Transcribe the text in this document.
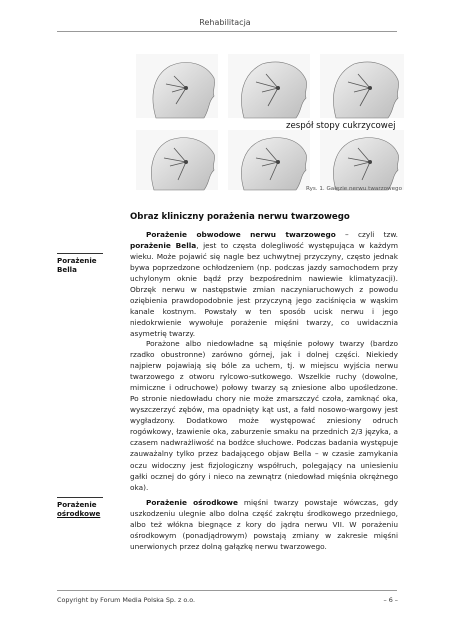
Rehabilitacja
zespół stopy cukrzycowej
Rys. 1. Gałęzie nerwu twarzowego
Obraz kliniczny porażenia nerwu twarzowego
Porażenie
Bella
Porażenie
ośrodkowe

Porażenie obwodowe nerwu twarzowego – czyli tzw. porażenie Bella, jest to częsta dolegliwość występująca w każdym wieku. Może pojawić się nagle bez uchwytnej przyczyny, często jednak bywa poprzedzone ochłodzeniem (np. podczas jazdy samochodem przy uchylonym oknie bądź przy bezpośrednim nawiewie klimatyzacji). Obrzęk nerwu w następstwie zmian naczyniaruchowych z powodu oziębienia prawdopodobnie jest przyczyną jego zaciśnięcia w wąskim kanale kostnym. Powstały w ten sposób ucisk nerwu i jego niedokrwienie wywołuje porażenie mięśni twarzy, co uwidacznia asymetrię twarzy.

Porażone albo niedowładne są mięśnie połowy twarzy (bardzo rzadko obustronne) zarówno górnej, jak i dolnej części. Niekiedy najpierw pojawiają się bóle za uchem, tj. w miejscu wyjścia nerwu twarzowego z otworu rylcowo-sutkowego. Wszelkie ruchy (dowolne, mimiczne i odruchowe) połowy twarzy są zniesione albo upośledzone. Po stronie niedowładu chory nie może zmarszczyć czoła, zamknąć oka, wyszczerzyć zębów, ma opadnięty kąt ust, a fałd nosowo-wargowy jest wygładzony. Dodatkowo może występować zniesiony odruch rogówkowy, łzawienie oka, zaburzenie smaku na przednich 2/3 języka, a czasem nadwrażliwość na bodźce słuchowe. Podczas badania występuje zauważalny tylko przez badającego objaw Bella – w czasie zamykania oczu widoczny jest fizjologiczny współruch, polegający na uniesieniu gałki ocznej do góry i nieco na zewnątrz (niedowład mięśnia okrężnego oka).

Porażenie ośrodkowe mięśni twarzy powstaje wówczas, gdy uszkodzeniu ulegnie albo dolna część zakrętu środkowego przedniego, albo też włókna biegnące z kory do jądra nerwu VII. W porażeniu ośrodkowym (ponadjądrowym) powstają zmiany w zakresie mięśni unerwionych przez dolną gałązkę nerwu twarzowego.

Copyright by Forum Media Polska Sp. z o.o.	– 6 –
